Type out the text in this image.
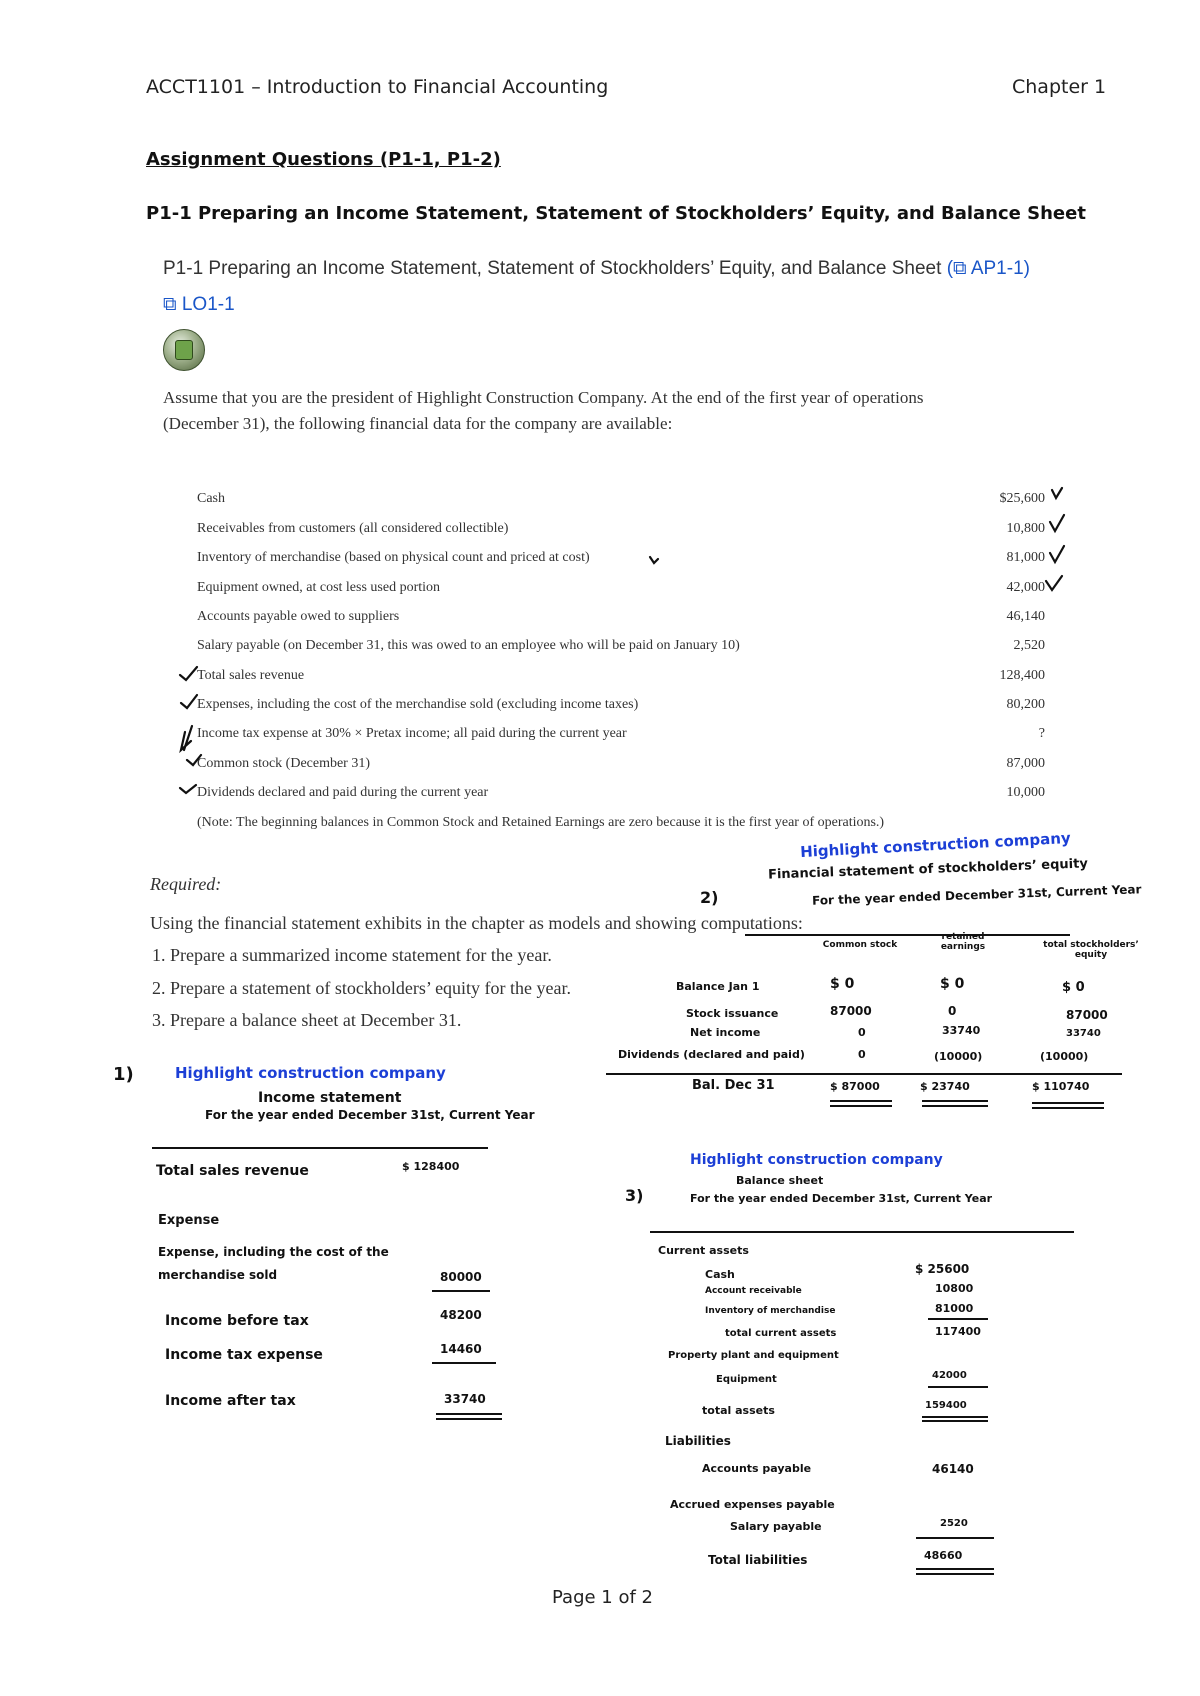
ACCT1101 – Introduction to Financial Accounting	Chapter 1
Assignment Questions (P1-1, P1-2)
P1-1 Preparing an Income Statement, Statement of Stockholders’ Equity, and Balance Sheet
P1-1 Preparing an Income Statement, Statement of Stockholders’ Equity, and Balance Sheet (⧉ AP1-1)
⧉ LO1-1
Assume that you are the president of Highlight Construction Company. At the end of the first year of operations
(December 31), the following financial data for the company are available:
Cash	$25,600
Receivables from customers (all considered collectible)	10,800
Inventory of merchandise (based on physical count and priced at cost)	81,000
Equipment owned, at cost less used portion	42,000
Accounts payable owed to suppliers	46,140
Salary payable (on December 31, this was owed to an employee who will be paid on January 10)	2,520
Total sales revenue	128,400
Expenses, including the cost of the merchandise sold (excluding income taxes)	80,200
Income tax expense at 30% × Pretax income; all paid during the current year	?
Common stock (December 31)	87,000
Dividends declared and paid during the current year	10,000
(Note: The beginning balances in Common Stock and Retained Earnings are zero because it is the first year of operations.)
Required:
Using the financial statement exhibits in the chapter as models and showing computations:
1. Prepare a summarized income statement for the year.
2. Prepare a statement of stockholders’ equity for the year.
3. Prepare a balance sheet at December 31.
Highlight construction company
Financial statement of stockholders’ equity
2)	For the year ended December 31st, Current Year
Common stock
retained earnings	total stockholders’ equity
Balance Jan 1	$ 0	$ 0	$ 0
Stock issuance	87000	0	87000
Net income	0	33740	33740
Dividends (declared and paid)	0	(10000)	(10000)
Bal. Dec 31	$ 87000	$ 23740	$ 110740
1)	Highlight construction company
Income statement
For the year ended December 31st, Current Year
Total sales revenue	$ 128400
Expense
Expense, including the cost of the
merchandise sold	80000
Income before tax	48200
Income tax expense	14460
Income after tax	33740
Highlight construction company
Balance sheet
3)	For the year ended December 31st, Current Year
Current assets
Cash	$ 25600
Account receivable	10800
Inventory of merchandise	81000
total current assets	117400
Property plant and equipment
Equipment	42000
total assets	159400
Liabilities
Accounts payable	46140
Accrued expenses payable
Salary payable	2520
Total liabilities	48660
Page 1 of 2
